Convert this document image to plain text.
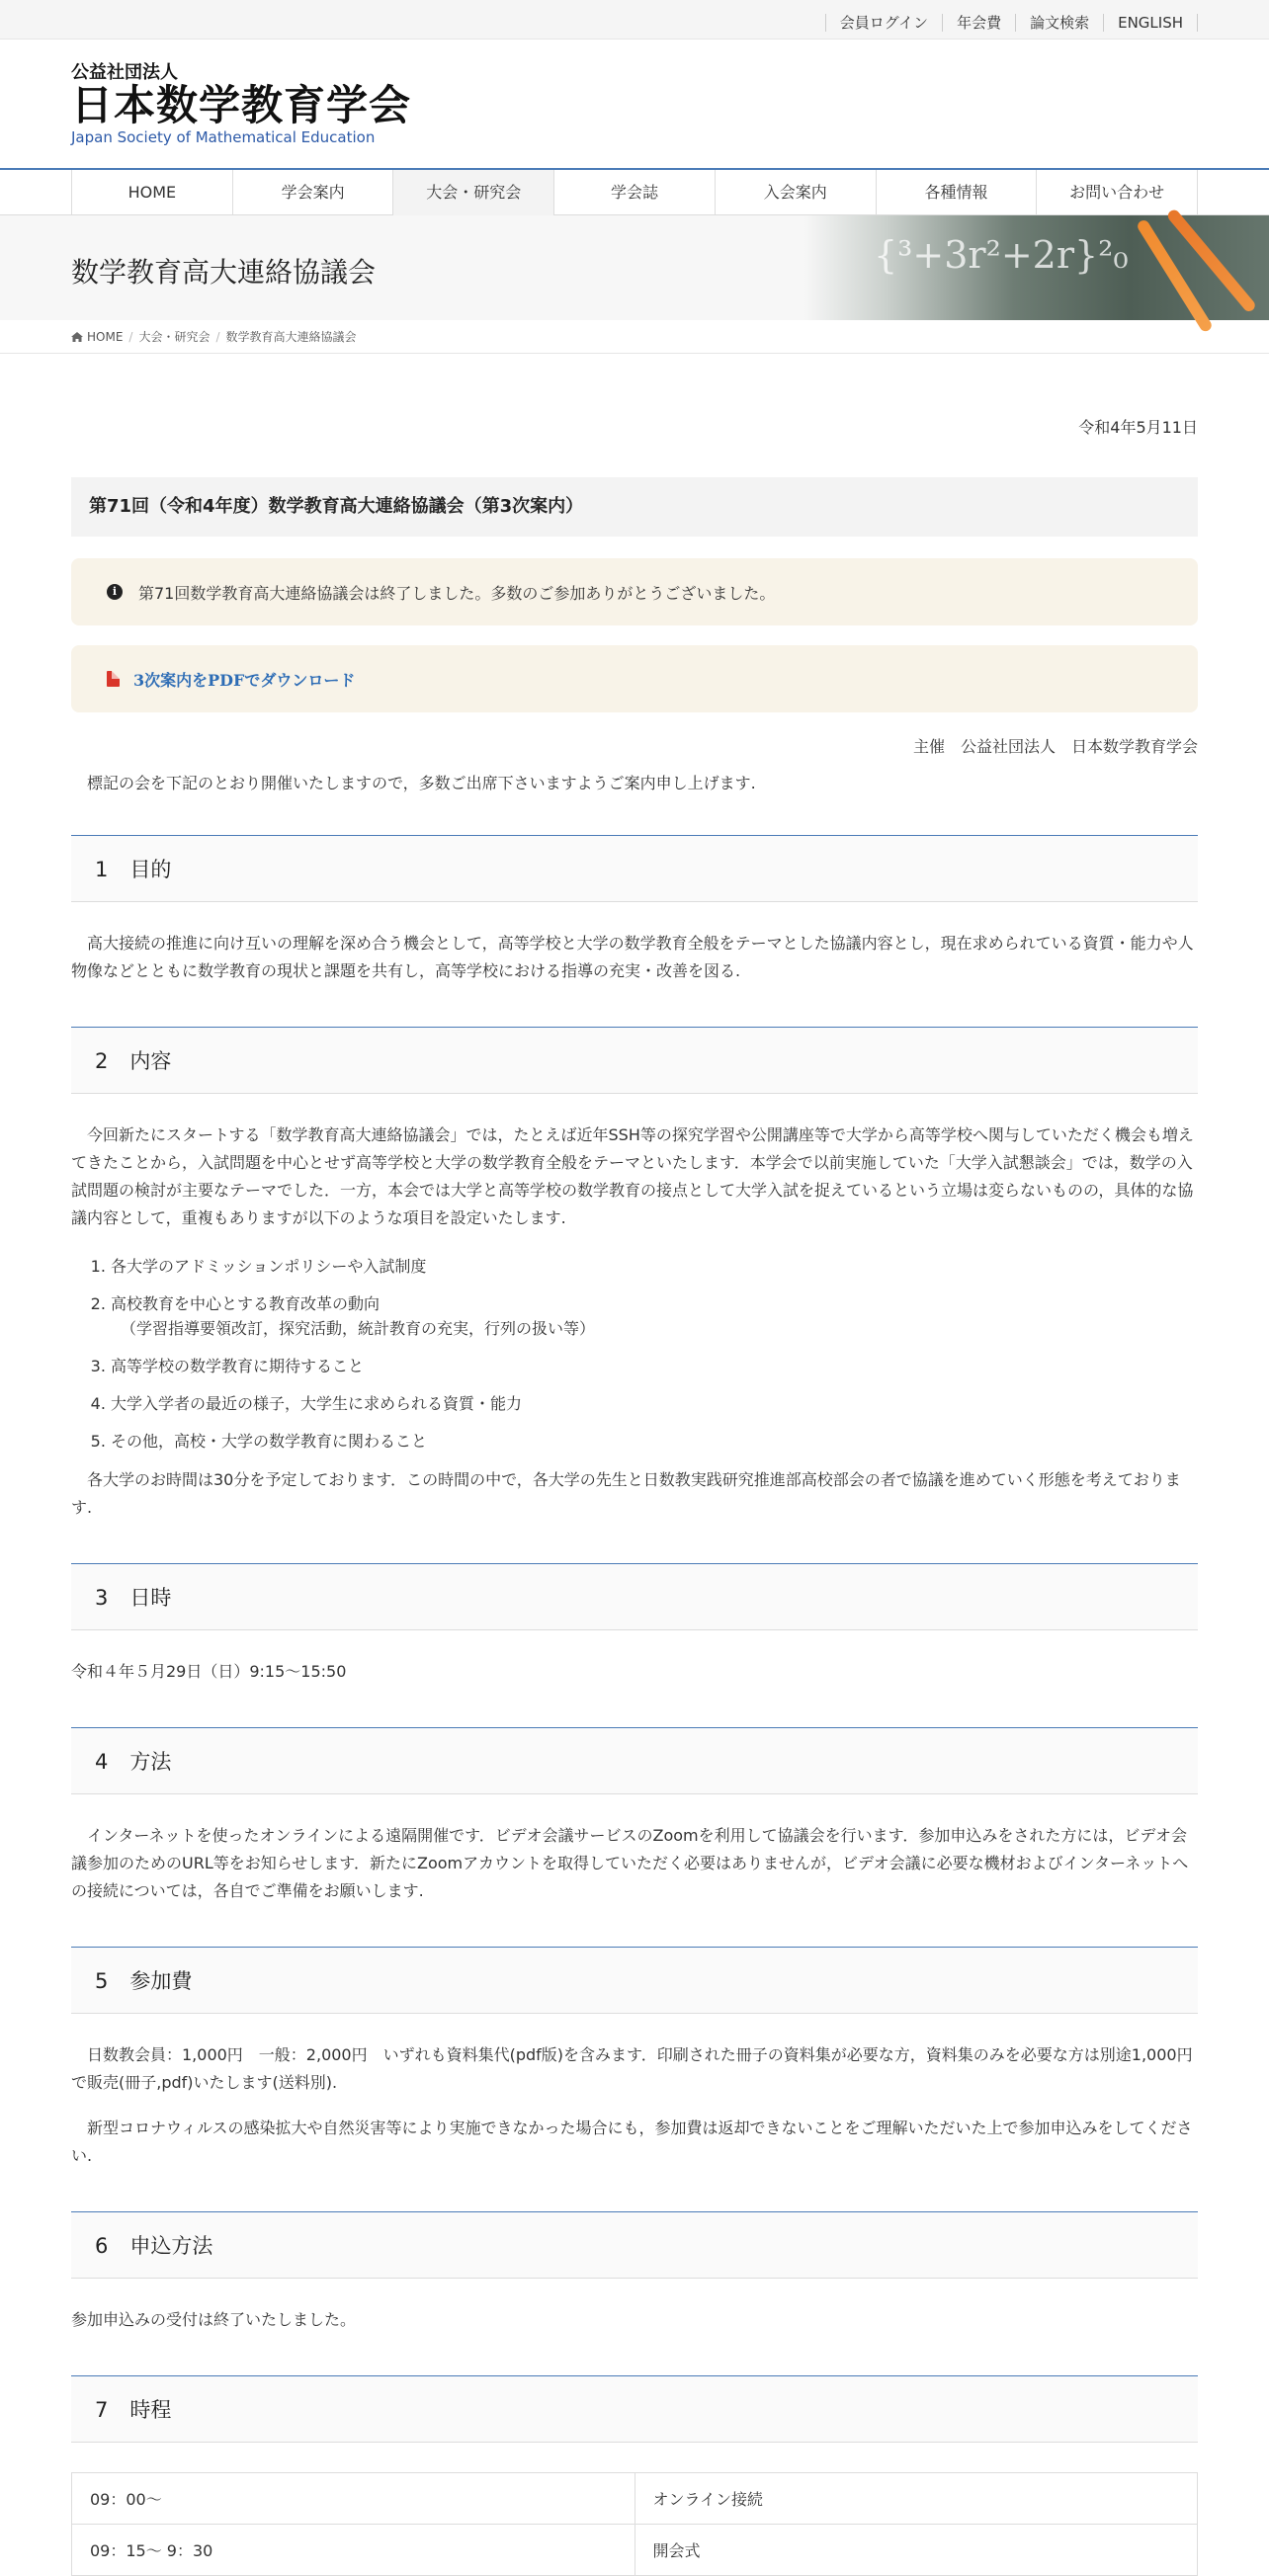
会員ログイン	年会費	論文検索	ENGLISH
公益社団法人
日本数学教育学会
Japan Society of Mathematical Education
HOME	学会案内	大会・研究会	学会誌	入会案内	各種情報	お問い合わせ
数学教育高大連絡協議会	{³+3r²+2r}²₀
HOME / 大会・研究会 / 数学教育高大連絡協議会
令和4年5月11日
第71回（令和4年度）数学教育高大連絡協議会（第3次案内）
i	第71回数学教育高大連絡協議会は終了しました。多数のご参加ありがとうございました。
3次案内をPDFでダウンロード
主催　公益社団法人　日本数学教育学会
標記の会を下記のとおり開催いたしますので，多数ご出席下さいますようご案内申し上げます.
1 目的

高大接続の推進に向け互いの理解を深め合う機会として，高等学校と大学の数学教育全般をテーマとした協議内容とし，現在求められている資質・能力や人物像などとともに数学教育の現状と課題を共有し，高等学校における指導の充実・改善を図る.

2 内容

今回新たにスタートする「数学教育高大連絡協議会」では，たとえば近年SSH等の探究学習や公開講座等で大学から高等学校へ関与していただく機会も増えてきたことから，入試問題を中心とせず高等学校と大学の数学教育全般をテーマといたします．本学会で以前実施していた「大学入試懇談会」では，数学の入試問題の検討が主要なテーマでした．一方，本会では大学と高等学校の数学教育の接点として大学入試を捉えているという立場は変らないものの，具体的な協議内容として，重複もありますが以下のような項目を設定いたします.

1. 各大学のアドミッションポリシーや入試制度
2. 高校教育を中心とする教育改革の動向
（学習指導要領改訂，探究活動，統計教育の充実，行列の扱い等）
3. 高等学校の数学教育に期待すること
4. 大学入学者の最近の様子，大学生に求められる資質・能力
5. その他，高校・大学の数学教育に関わること

各大学のお時間は30分を予定しております．この時間の中で，各大学の先生と日数教実践研究推進部高校部会の者で協議を進めていく形態を考えております.

3 日時

令和４年５月29日（日）9:15〜15:50

4 方法

インターネットを使ったオンラインによる遠隔開催です．ビデオ会議サービスのZoomを利用して協議会を行います．参加申込みをされた方には，ビデオ会議参加のためのURL等をお知らせします．新たにZoomアカウントを取得していただく必要はありませんが，ビデオ会議に必要な機材およびインターネットへの接続については，各自でご準備をお願いします.

5 参加費

日数教会員：1,000円　一般：2,000円　いずれも資料集代(pdf版)を含みます．印刷された冊子の資料集が必要な方，資料集のみを必要な方は別途1,000円で販売(冊子,pdf)いたします(送料別).

新型コロナウィルスの感染拡大や自然災害等により実施できなかった場合にも，参加費は返却できないことをご理解いただいた上で参加申込みをしてください.

6 申込方法

参加申込みの受付は終了いたしました。

7 時程
09：00〜	オンライン接続
09：15〜 9：30	開会式
